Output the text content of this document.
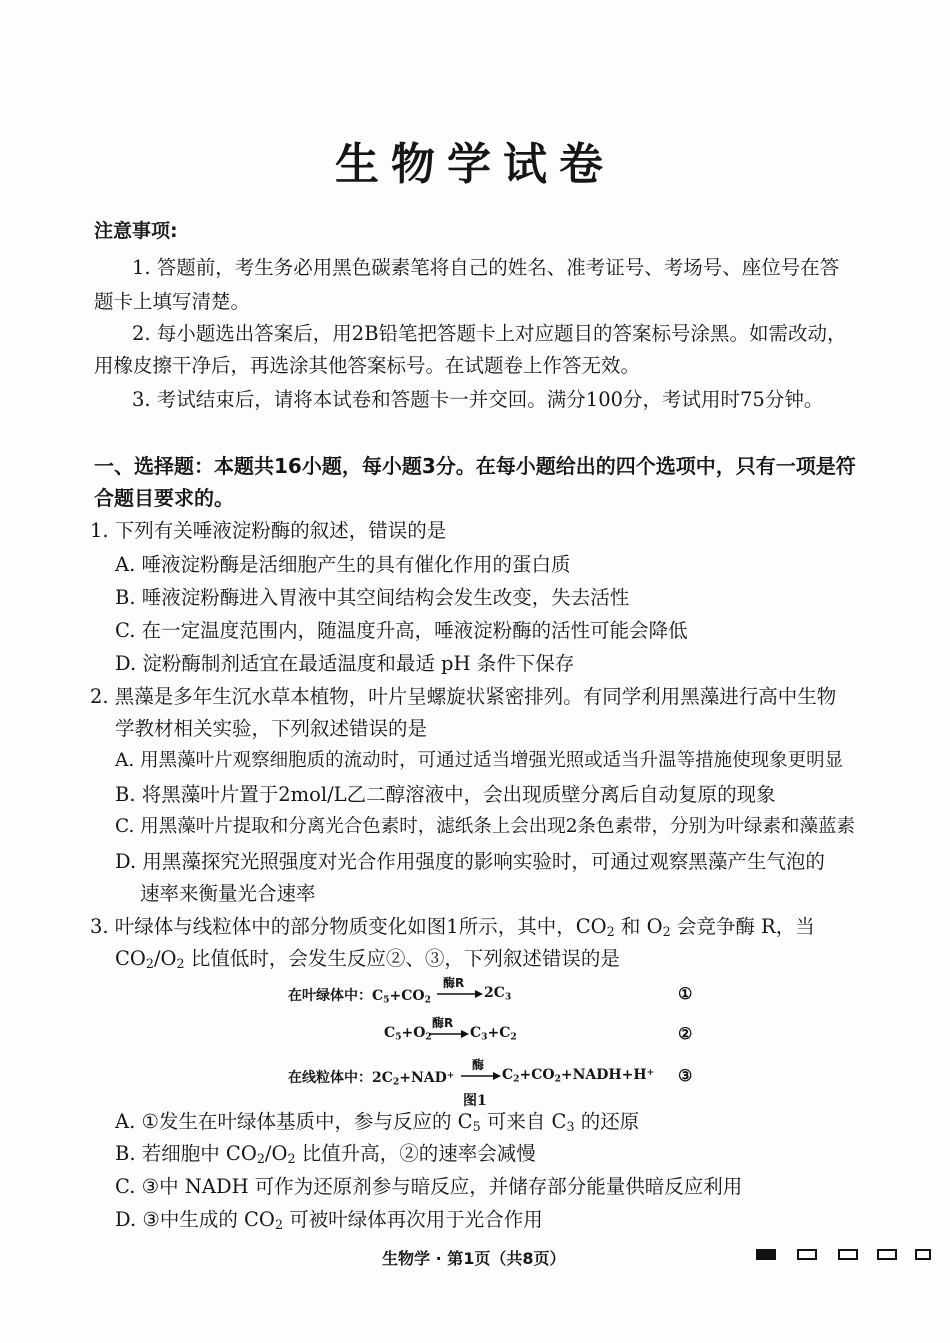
生物学试卷
注意事项:
1. 答题前，考生务必用黑色碳素笔将自己的姓名、准考证号、考场号、座位号在答
题卡上填写清楚。
2. 每小题选出答案后，用2B铅笔把答题卡上对应题目的答案标号涂黑。如需改动，
用橡皮擦干净后，再选涂其他答案标号。在试题卷上作答无效。
3. 考试结束后，请将本试卷和答题卡一并交回。满分100分，考试用时75分钟。
一、选择题：本题共16小题，每小题3分。在每小题给出的四个选项中，只有一项是符
合题目要求的。
1. 下列有关唾液淀粉酶的叙述，错误的是
A. 唾液淀粉酶是活细胞产生的具有催化作用的蛋白质
B. 唾液淀粉酶进入胃液中其空间结构会发生改变，失去活性
C. 在一定温度范围内，随温度升高，唾液淀粉酶的活性可能会降低
D. 淀粉酶制剂适宜在最适温度和最适 pH 条件下保存
2. 黑藻是多年生沉水草本植物，叶片呈螺旋状紧密排列。有同学利用黑藻进行高中生物
学教材相关实验，下列叙述错误的是
A. 用黑藻叶片观察细胞质的流动时，可通过适当增强光照或适当升温等措施使现象更明显
B. 将黑藻叶片置于2mol/L乙二醇溶液中，会出现质壁分离后自动复原的现象
C. 用黑藻叶片提取和分离光合色素时，滤纸条上会出现2条色素带，分别为叶绿素和藻蓝素
D. 用黑藻探究光照强度对光合作用强度的影响实验时，可通过观察黑藻产生气泡的
速率来衡量光合速率
3. 叶绿体与线粒体中的部分物质变化如图1所示，其中，$CO_2$ 和 $O_2$ 会竞争酶 R，当
$CO_2/O_2$ 比值低时，会发生反应②、③，下列叙述错误的是
在叶绿体中：$C_5+CO_2$
酶R
$2C_3$	①
$C_5+O_2$
酶R
$C_3+C_2$	②
在线粒体中：$2C_2+NAD^+$
酶
$C_2+CO_2+NADH+H^+$ ③
图1
A. ①发生在叶绿体基质中，参与反应的 $C_5$ 可来自 $C_3$ 的还原
B. 若细胞中 $CO_2/O_2$ 比值升高，②的速率会减慢
C. ③中 NADH 可作为还原剂参与暗反应，并储存部分能量供暗反应利用
D. ③中生成的 $CO_2$ 可被叶绿体再次用于光合作用
生物学 · 第1页（共8页）
